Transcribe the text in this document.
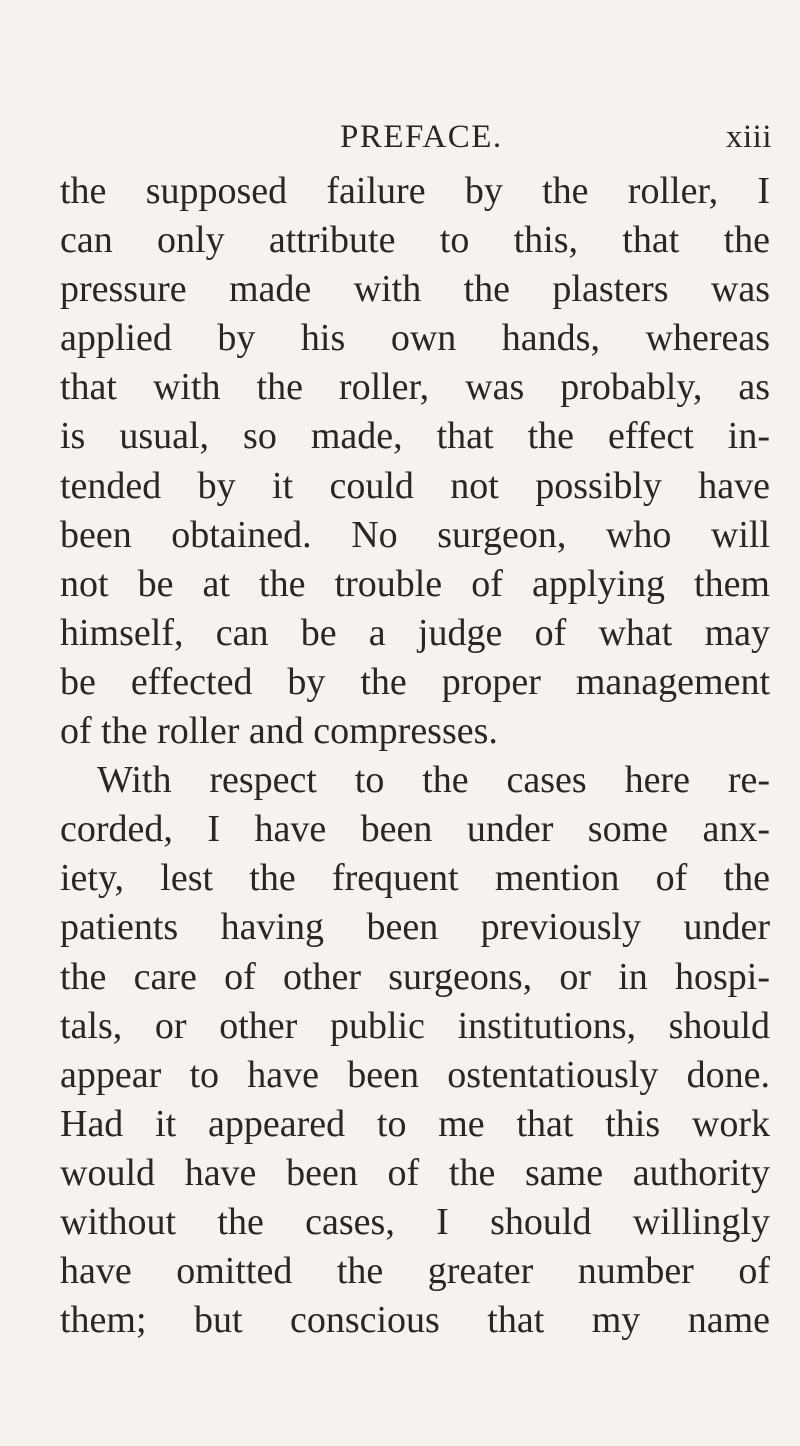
PREFACE.	xiii
the supposed failure by the roller, I
can only attribute to this, that the
pressure made with the plasters was
applied by his own hands, whereas
that with the roller, was probably, as
is usual, so made, that the effect in-
tended by it could not possibly have
been obtained. No surgeon, who will
not be at the trouble of applying them
himself, can be a judge of what may
be effected by the proper management
of the roller and compresses.
With respect to the cases here re-
corded, I have been under some anx-
iety, lest the frequent mention of the
patients having been previously under
the care of other surgeons, or in hospi-
tals, or other public institutions, should
appear to have been ostentatiously done.
Had it appeared to me that this work
would have been of the same authority
without the cases, I should willingly
have omitted the greater number of
them; but conscious that my name
